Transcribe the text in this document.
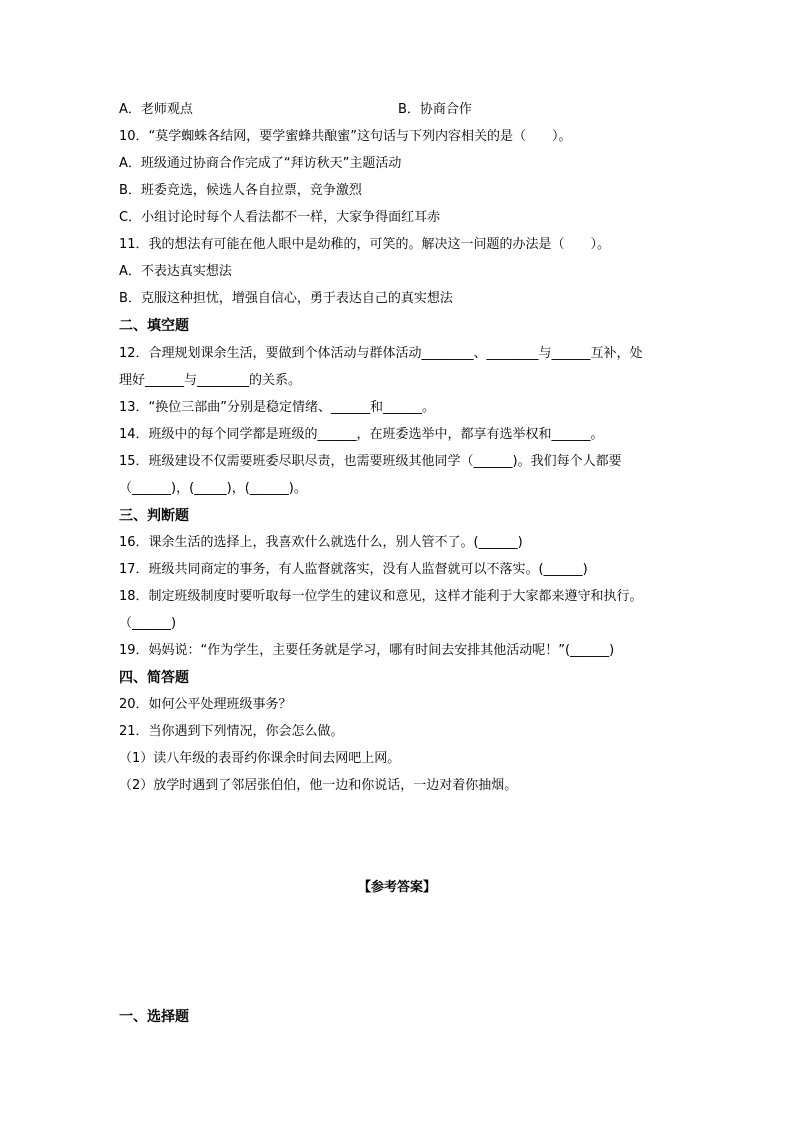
A．老师观点	B．协商合作
10．“莫学蜘蛛各结网，要学蜜蜂共酿蜜”这句话与下列内容相关的是（　　）。
A．班级通过协商合作完成了“拜访秋天”主题活动
B．班委竞选，候选人各自拉票，竞争激烈
C．小组讨论时每个人看法都不一样，大家争得面红耳赤
11．我的想法有可能在他人眼中是幼稚的，可笑的。解决这一问题的办法是（　　）。
A．不表达真实想法
B．克服这种担忧，增强自信心，勇于表达自己的真实想法
二、填空题
12．合理规划课余生活，要做到个体活动与群体活动________、________与______互补，处
理好______与________的关系。
13．“换位三部曲”分别是稳定情绪、______和______。
14．班级中的每个同学都是班级的______，在班委选举中，都享有选举权和______。
15．班级建设不仅需要班委尽职尽责，也需要班级其他同学（______)。我们每个人都要
（______)，(_____)，(______)。
三、判断题
16．课余生活的选择上，我喜欢什么就选什么，别人管不了。(______)
17．班级共同商定的事务，有人监督就落实，没有人监督就可以不落实。(______)
18．制定班级制度时要听取每一位学生的建议和意见，这样才能利于大家都来遵守和执行。
（______)
19．妈妈说：“作为学生，主要任务就是学习，哪有时间去安排其他活动呢！”(______)
四、简答题
20．如何公平处理班级事务？
21．当你遇到下列情况，你会怎么做。
（1）读八年级的表哥约你课余时间去网吧上网。
（2）放学时遇到了邻居张伯伯，他一边和你说话，一边对着你抽烟。
【参考答案】
一、选择题
